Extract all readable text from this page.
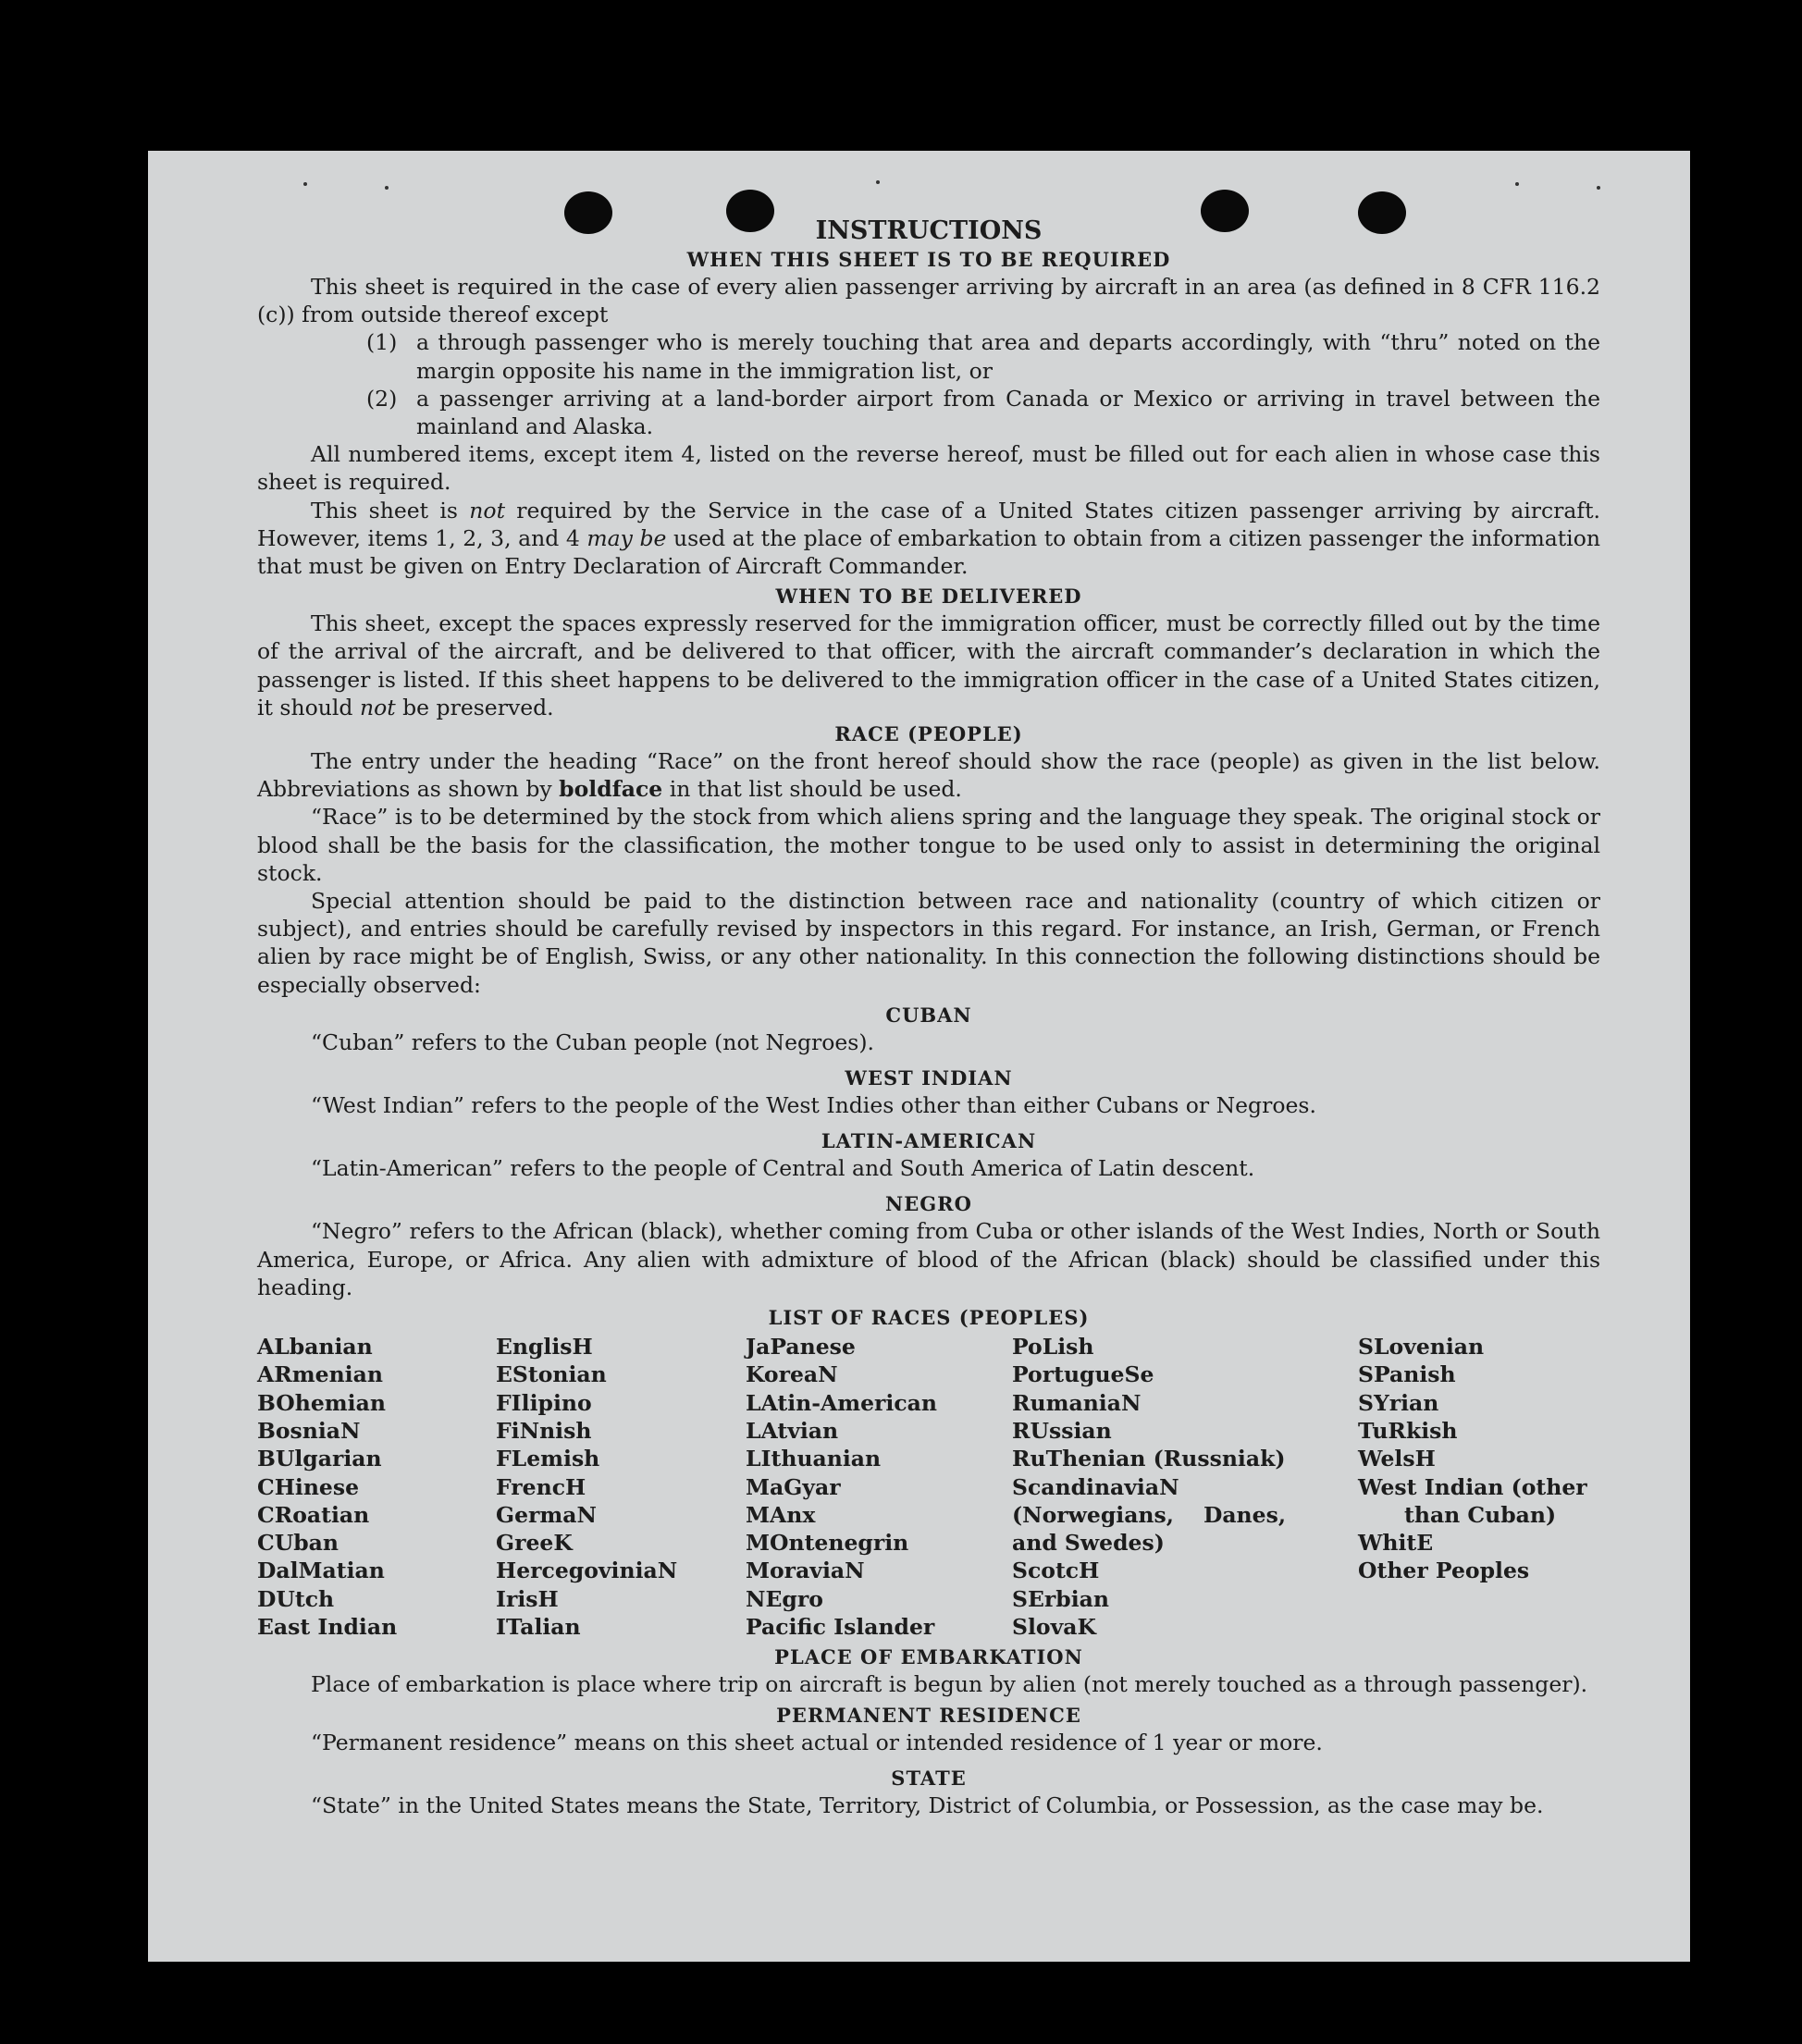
INSTRUCTIONS

WHEN THIS SHEET IS TO BE REQUIRED

This sheet is required in the case of every alien passenger arriving by aircraft in an area (as defined in 8 CFR 116.2 (c)) from outside thereof except

(1) a through passenger who is merely touching that area and departs accordingly, with “thru” noted on the margin opposite his name in the immigration list, or
(2) a passenger arriving at a land-border airport from Canada or Mexico or arriving in travel between the mainland and Alaska.

All numbered items, except item 4, listed on the reverse hereof, must be filled out for each alien in whose case this sheet is required.

This sheet is not required by the Service in the case of a United States citizen passenger arriving by aircraft. However, items 1, 2, 3, and 4 may be used at the place of embarkation to obtain from a citizen passenger the information that must be given on Entry Declaration of Aircraft Commander.

WHEN TO BE DELIVERED

This sheet, except the spaces expressly reserved for the immigration officer, must be correctly filled out by the time of the arrival of the aircraft, and be delivered to that officer, with the aircraft commander’s declaration in which the passenger is listed. If this sheet happens to be delivered to the immigration officer in the case of a United States citizen, it should not be preserved.

RACE (PEOPLE)

The entry under the heading “Race” on the front hereof should show the race (people) as given in the list below. Abbreviations as shown by boldface in that list should be used.

“Race” is to be determined by the stock from which aliens spring and the language they speak. The original stock or blood shall be the basis for the classification, the mother tongue to be used only to assist in determining the original stock.

Special attention should be paid to the distinction between race and nationality (country of which citizen or subject), and entries should be carefully revised by inspectors in this regard. For instance, an Irish, German, or French alien by race might be of English, Swiss, or any other nationality. In this connection the following distinctions should be especially observed:

CUBAN

“Cuban” refers to the Cuban people (not Negroes).

WEST INDIAN

“West Indian” refers to the people of the West Indies other than either Cubans or Negroes.

LATIN-AMERICAN

“Latin-American” refers to the people of Central and South America of Latin descent.

NEGRO

“Negro” refers to the African (black), whether coming from Cuba or other islands of the West Indies, North or South America, Europe, or Africa. Any alien with admixture of blood of the African (black) should be classified under this heading.

LIST OF RACES (PEOPLES)

ALbanian
ARmenian
BOhemian
BosniaN
BUlgarian
CHinese
CRoatian
CUban
DalMatian
DUtch
East Indian
EnglisH
EStonian
FIlipino
FiNnish
FLemish
FrencH
GermaN
GreeK
HercegoviniaN
IrisH
ITalian
JaPanese
KoreaN
LAtin-American
LAtvian
LIthuanian
MaGyar
MAnx
MOntenegrin
MoraviaN
NEgro
Pacific Islander
PoLish
PortugueSe
RumaniaN
RUssian
RuThenian (Russniak)
ScandinaviaN (Norwegians, Danes, and Swedes)
ScotcH
SErbian
SlovaK
SLovenian
SPanish
SYrian
TuRkish
WelsH
West Indian (other than Cuban)
WhitE
Other Peoples

PLACE OF EMBARKATION

Place of embarkation is place where trip on aircraft is begun by alien (not merely touched as a through passenger).

PERMANENT RESIDENCE

“Permanent residence” means on this sheet actual or intended residence of 1 year or more.

STATE

“State” in the United States means the State, Territory, District of Columbia, or Possession, as the case may be.
